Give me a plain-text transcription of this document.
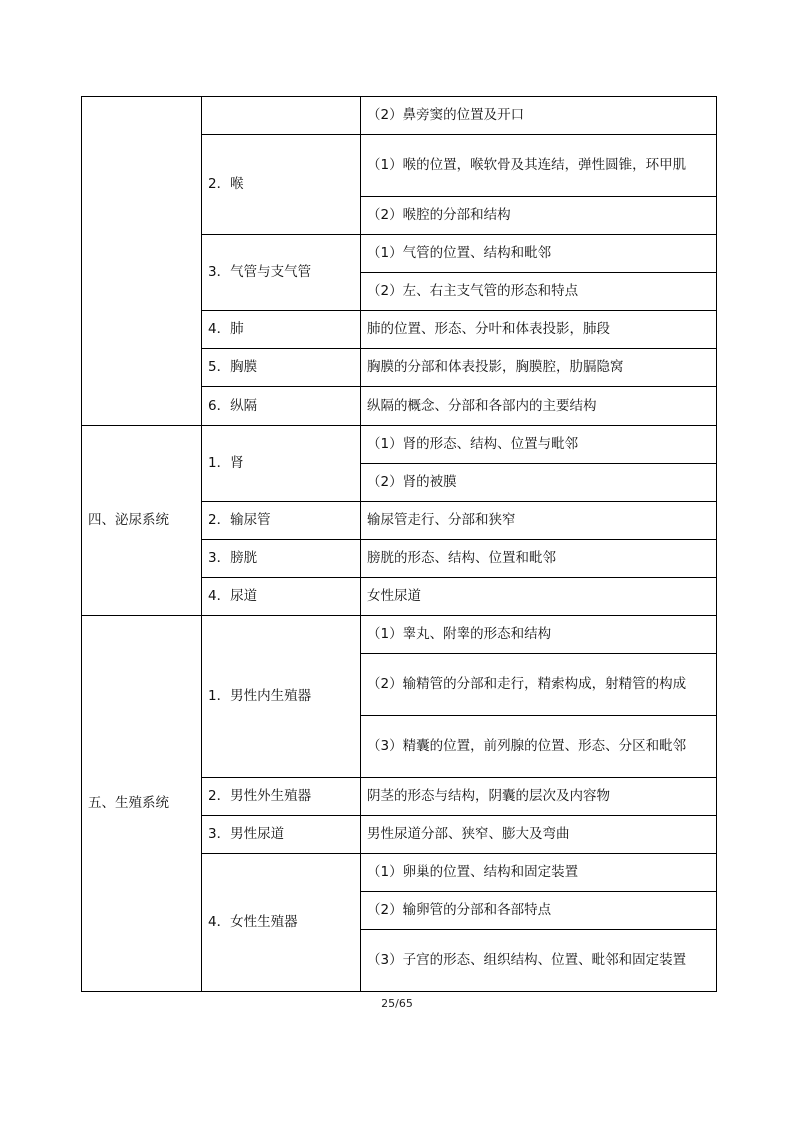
		（2）鼻旁窦的位置及开口
	2．喉	（1）喉的位置，喉软骨及其连结，弹性圆锥，环甲肌
		（2）喉腔的分部和结构
	3．气管与支气管	（1）气管的位置、结构和毗邻
		（2）左、右主支气管的形态和特点
	4．肺	肺的位置、形态、分叶和体表投影，肺段
	5．胸膜	胸膜的分部和体表投影，胸膜腔，肋膈隐窝
	6．纵隔	纵隔的概念、分部和各部内的主要结构
四、泌尿系统	1．肾	（1）肾的形态、结构、位置与毗邻
		（2）肾的被膜
	2．输尿管	输尿管走行、分部和狭窄
	3．膀胱	膀胱的形态、结构、位置和毗邻
	4．尿道	女性尿道
五、生殖系统	1．男性内生殖器	（1）睾丸、附睾的形态和结构
		（2）输精管的分部和走行，精索构成，射精管的构成
		（3）精囊的位置，前列腺的位置、形态、分区和毗邻
	2．男性外生殖器	阴茎的形态与结构，阴囊的层次及内容物
	3．男性尿道	男性尿道分部、狭窄、膨大及弯曲
	4．女性生殖器	（1）卵巢的位置、结构和固定装置
		（2）输卵管的分部和各部特点
		（3）子宫的形态、组织结构、位置、毗邻和固定装置
25/65
